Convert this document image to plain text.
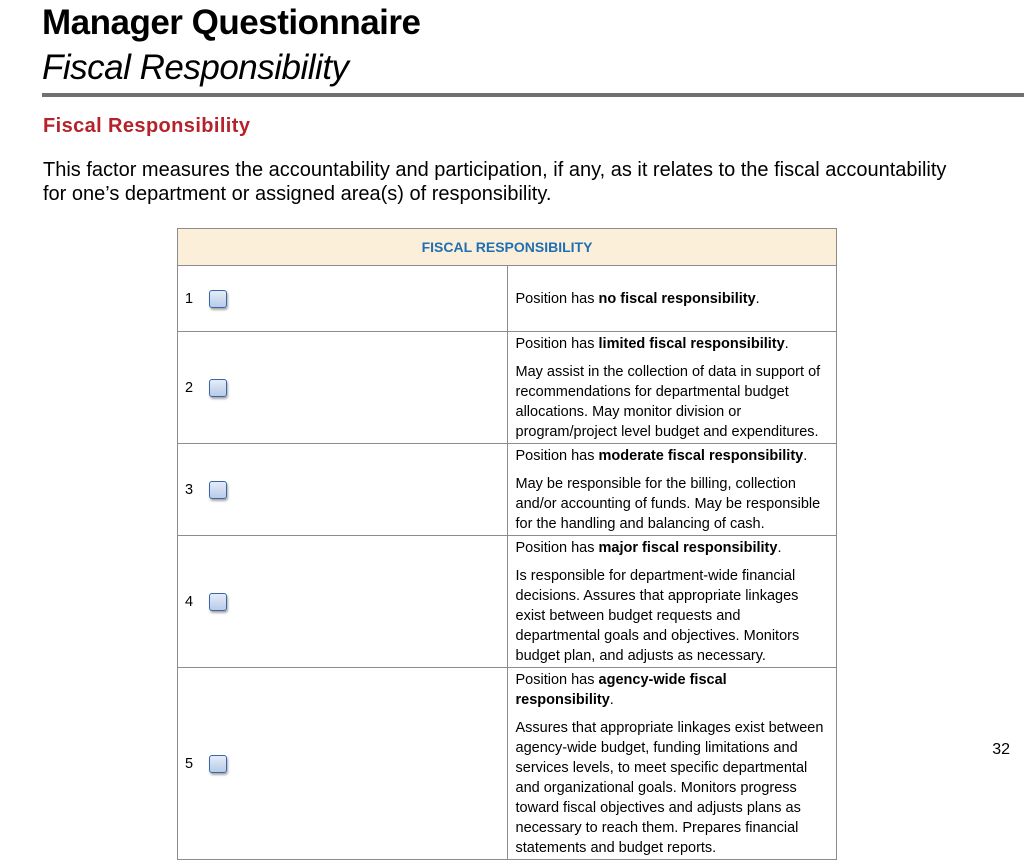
Manager Questionnaire
Fiscal Responsibility
Fiscal Responsibility
This factor measures the accountability and participation, if any, as it relates to the fiscal accountability for one’s department or assigned area(s) of responsibility.
FISCAL RESPONSIBILITY	

1	Position has no fiscal responsibility.

2	Position has limited fiscal responsibility.

May assist in the collection of data in support of recommendations for departmental budget allocations. May monitor division or program/project level budget and expenditures.

3	Position has moderate fiscal responsibility.

May be responsible for the billing, collection and/or accounting of funds. May be responsible for the handling and balancing of cash.

4	Position has major fiscal responsibility.

Is responsible for department-wide financial decisions. Assures that appropriate linkages exist between budget requests and departmental goals and objectives. Monitors budget plan, and adjusts as necessary.

5	Position has agency-wide fiscal responsibility.

Assures that appropriate linkages exist between agency-wide budget, funding limitations and services levels, to meet specific departmental and organizational goals. Monitors progress toward fiscal objectives and adjusts plans as necessary to reach them. Prepares financial statements and budget reports.

32
